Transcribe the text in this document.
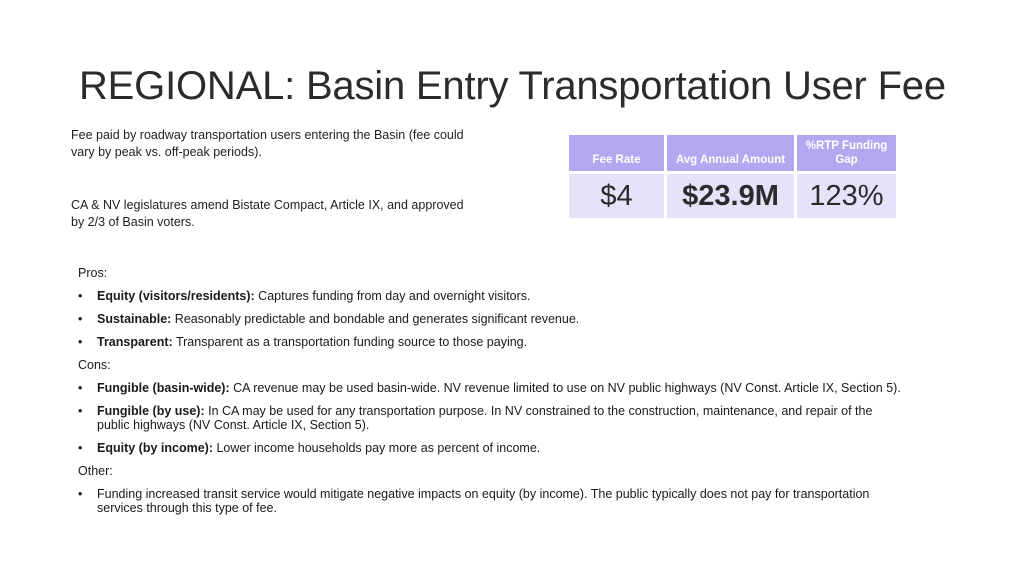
REGIONAL: Basin Entry Transportation User Fee
Fee paid by roadway transportation users entering the Basin (fee could vary by peak vs. off-peak periods).
CA & NV legislatures amend Bistate Compact, Article IX, and approved by 2/3 of Basin voters.
Fee Rate	Avg Annual Amount	%RTP Funding Gap
$4	$23.9M	123%
Pros:
• Equity (visitors/residents): Captures funding from day and overnight visitors.
• Sustainable: Reasonably predictable and bondable and generates significant revenue.
• Transparent: Transparent as a transportation funding source to those paying.
Cons:
• Fungible (basin-wide): CA revenue may be used basin-wide. NV revenue limited to use on NV public highways (NV Const. Article IX, Section 5).
• Fungible (by use): In CA may be used for any transportation purpose. In NV constrained to the construction, maintenance, and repair of the public highways (NV Const. Article IX, Section 5).
• Equity (by income): Lower income households pay more as percent of income.
Other:
• Funding increased transit service would mitigate negative impacts on equity (by income). The public typically does not pay for transportation services through this type of fee.
